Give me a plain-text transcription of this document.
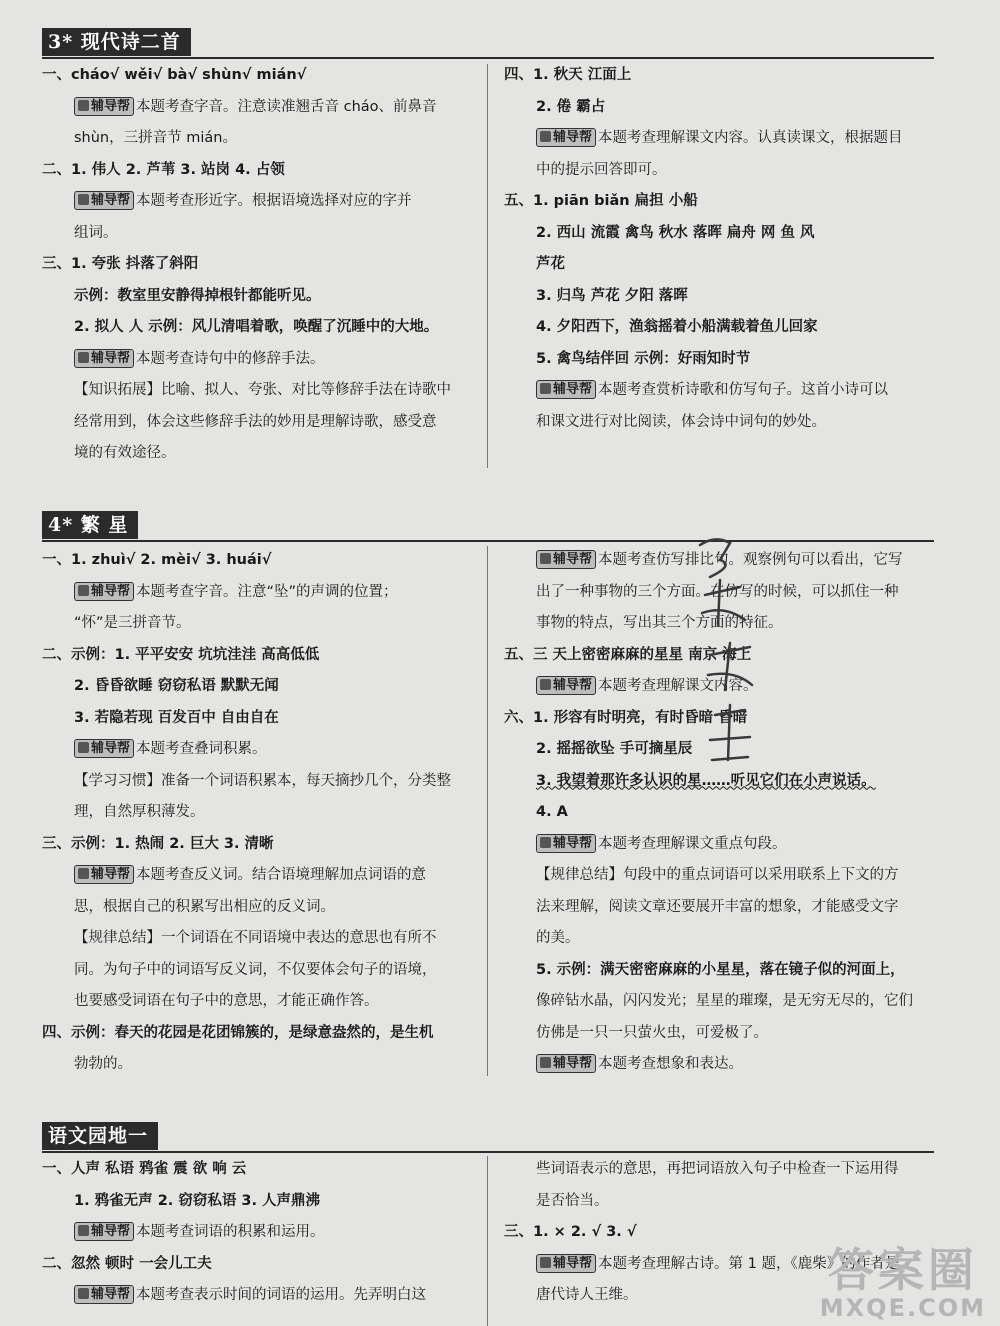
3* 现代诗二首

一、cháo√ wěi√ bà√ shùn√ mián√

辅导帮 本题考查字音。注意读准翘舌音 cháo、前鼻音

shùn，三拼音节 mián。

二、1. 伟人 2. 芦苇 3. 站岗 4. 占领

辅导帮 本题考查形近字。根据语境选择对应的字并

组词。

三、1. 夸张 抖落了斜阳

示例：教室里安静得掉根针都能听见。

2. 拟人 人 示例：风儿清唱着歌，唤醒了沉睡中的大地。

辅导帮 本题考查诗句中的修辞手法。

【知识拓展】比喻、拟人、夸张、对比等修辞手法在诗歌中

经常用到，体会这些修辞手法的妙用是理解诗歌，感受意

境的有效途径。

四、1. 秋天 江面上

2. 倦 霸占

辅导帮 本题考查理解课文内容。认真读课文，根据题目

中的提示回答即可。

五、1. piān biǎn 扁担 小船

2. 西山 流霞 禽鸟 秋水 落晖 扁舟 网 鱼 风

芦花

3. 归鸟 芦花 夕阳 落晖

4. 夕阳西下，渔翁摇着小船满载着鱼儿回家

5. 禽鸟结伴回 示例：好雨知时节

辅导帮 本题考查赏析诗歌和仿写句子。这首小诗可以

和课文进行对比阅读，体会诗中词句的妙处。

4* 繁 星

一、1. zhuì√ 2. mèi√ 3. huái√

辅导帮 本题考查字音。注意“坠”的声调的位置；

“怀”是三拼音节。

二、示例：1. 平平安安 坑坑洼洼 高高低低

2. 昏昏欲睡 窃窃私语 默默无闻

3. 若隐若现 百发百中 自由自在

辅导帮 本题考查叠词积累。

【学习习惯】准备一个词语积累本，每天摘抄几个，分类整

理，自然厚积薄发。

三、示例：1. 热闹 2. 巨大 3. 清晰

辅导帮 本题考查反义词。结合语境理解加点词语的意

思，根据自己的积累写出相应的反义词。

【规律总结】一个词语在不同语境中表达的意思也有所不

同。为句子中的词语写反义词，不仅要体会句子的语境，

也要感受词语在句子中的意思，才能正确作答。

四、示例：春天的花园是花团锦簇的，是绿意盎然的，是生机

勃勃的。

辅导帮 本题考查仿写排比句。观察例句可以看出，它写

出了一种事物的三个方面。在仿写的时候，可以抓住一种

事物的特点，写出其三个方面的特征。

五、三 天上密密麻麻的星星 南京 海上

辅导帮 本题考查理解课文内容。

六、1. 形容有时明亮，有时昏暗 昏暗

2. 摇摇欲坠 手可摘星辰

3. 我望着那许多认识的星……听见它们在小声说话。

4. A

辅导帮 本题考查理解课文重点句段。

【规律总结】句段中的重点词语可以采用联系上下文的方

法来理解，阅读文章还要展开丰富的想象，才能感受文字

的美。

5. 示例：满天密密麻麻的小星星，落在镜子似的河面上，

像碎钻水晶，闪闪发光；星星的璀璨，是无穷无尽的，它们

仿佛是一只一只萤火虫，可爱极了。

辅导帮 本题考查想象和表达。

语文园地一

一、人声 私语 鸦雀 震 欲 响 云

1. 鸦雀无声 2. 窃窃私语 3. 人声鼎沸

辅导帮 本题考查词语的积累和运用。

二、忽然 顿时 一会儿工夫

辅导帮 本题考查表示时间的词语的运用。先弄明白这

些词语表示的意思，再把词语放入句子中检查一下运用得

是否恰当。

三、1. × 2. √ 3. √

辅导帮 本题考查理解古诗。第 1 题，《鹿柴》的作者是

唐代诗人王维。	答案圈
MXQE.COM
